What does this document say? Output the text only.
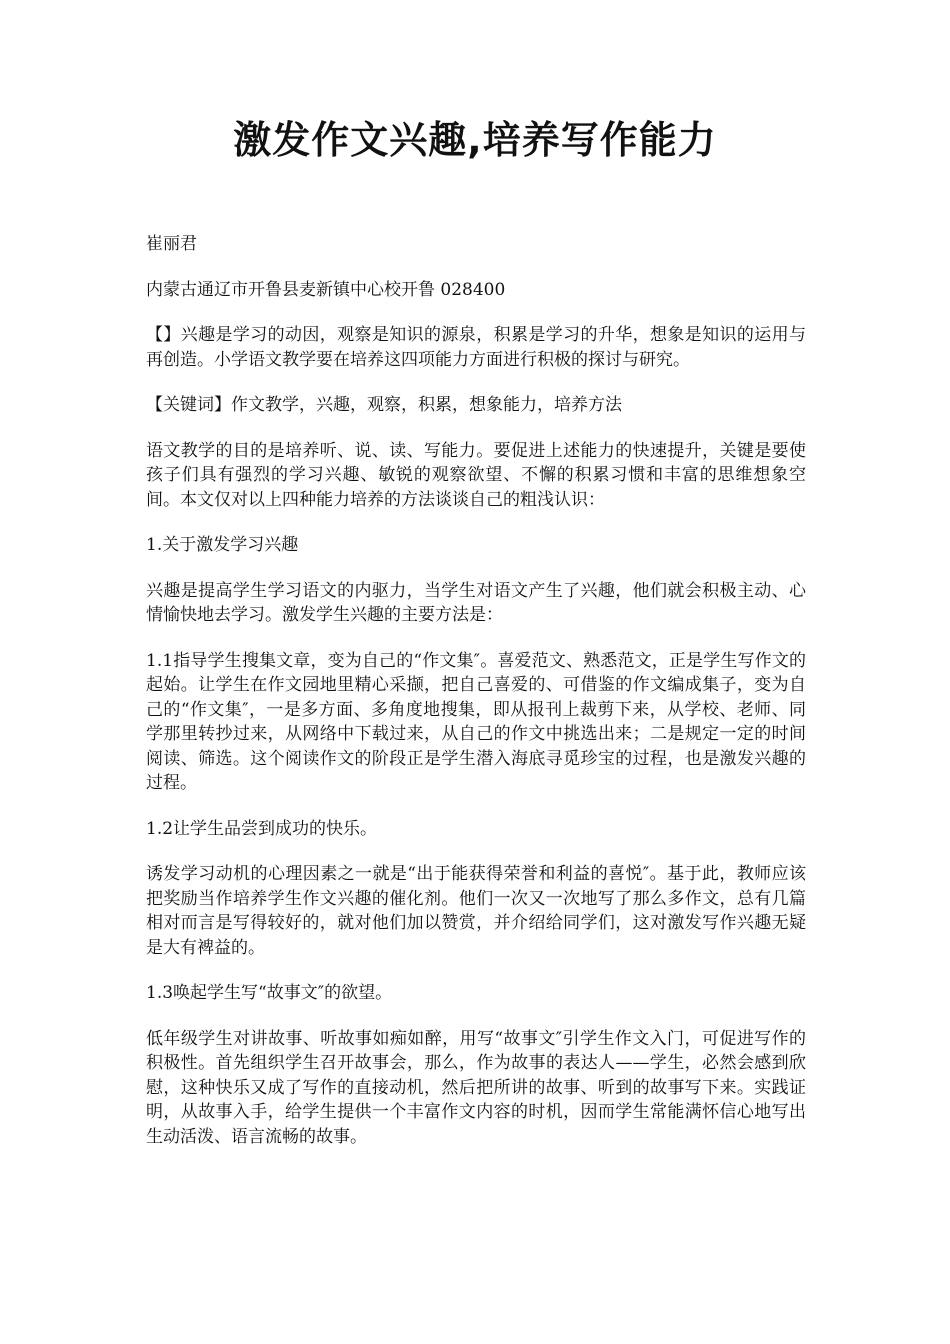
激发作文兴趣,培养写作能力

崔丽君

内蒙古通辽市开鲁县麦新镇中心校开鲁 028400

【】兴趣是学习的动因，观察是知识的源泉，积累是学习的升华，想象是知识的运用与再创造。小学语文教学要在培养这四项能力方面进行积极的探讨与研究。

【关键词】作文教学，兴趣，观察，积累，想象能力，培养方法

语文教学的目的是培养听、说、读、写能力。要促进上述能力的快速提升，关键是要使孩子们具有强烈的学习兴趣、敏锐的观察欲望、不懈的积累习惯和丰富的思维想象空间。本文仅对以上四种能力培养的方法谈谈自己的粗浅认识：

1.关于激发学习兴趣

兴趣是提高学生学习语文的内驱力，当学生对语文产生了兴趣，他们就会积极主动、心情愉快地去学习。激发学生兴趣的主要方法是：

1.1指导学生搜集文章，变为自己的“作文集″。喜爱范文、熟悉范文，正是学生写作文的起始。让学生在作文园地里精心采撷，把自己喜爱的、可借鉴的作文编成集子，变为自己的“作文集″，一是多方面、多角度地搜集，即从报刊上裁剪下来，从学校、老师、同学那里转抄过来，从网络中下载过来，从自己的作文中挑选出来；二是规定一定的时间阅读、筛选。这个阅读作文的阶段正是学生潜入海底寻觅珍宝的过程，也是激发兴趣的过程。

1.2让学生品尝到成功的快乐。

诱发学习动机的心理因素之一就是“出于能获得荣誉和利益的喜悦″。基于此，教师应该把奖励当作培养学生作文兴趣的催化剂。他们一次又一次地写了那么多作文，总有几篇相对而言是写得较好的，就对他们加以赞赏，并介绍给同学们，这对激发写作兴趣无疑是大有裨益的。

1.3唤起学生写“故事文″的欲望。

低年级学生对讲故事、听故事如痴如醉，用写“故事文″引学生作文入门，可促进写作的积极性。首先组织学生召开故事会，那么，作为故事的表达人——学生，必然会感到欣慰，这种快乐又成了写作的直接动机，然后把所讲的故事、听到的故事写下来。实践证明，从故事入手，给学生提供一个丰富作文内容的时机，因而学生常能满怀信心地写出生动活泼、语言流畅的故事。
